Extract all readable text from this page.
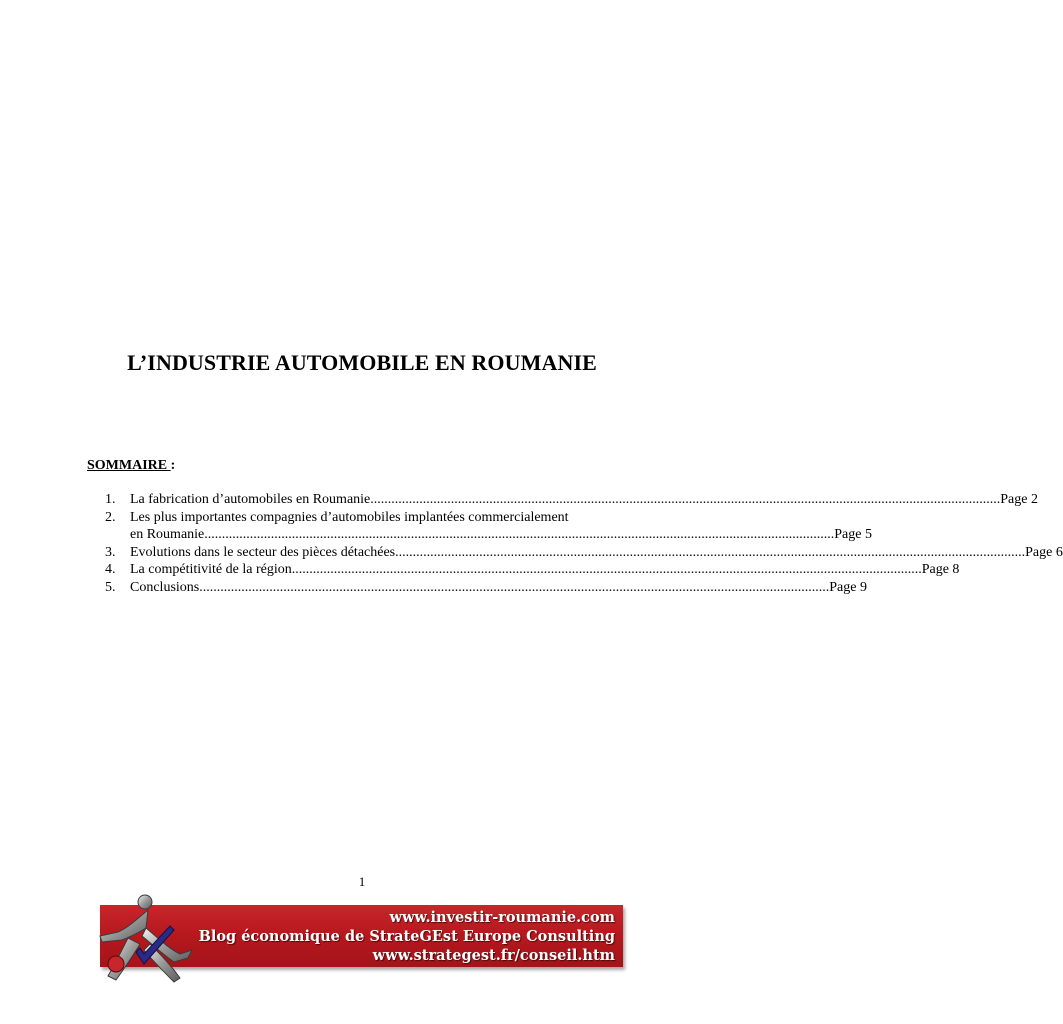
L’INDUSTRIE AUTOMOBILE EN ROUMANIE
SOMMAIRE :
1.	La fabrication d’automobiles en Roumanie .....	Page 2
2.	Les plus importantes compagnies d’automobiles implantées commercialement
en Roumanie .....	Page 5
3.	Evolutions dans le secteur des pièces détachées .....	Page 6
4.	La compétitivité de la région .....	Page 8
5.	Conclusions .....	Page 9
1
www.investir-roumanie.com
Blog économique de StrateGEst Europe Consulting
www.strategest.fr/conseil.htm
